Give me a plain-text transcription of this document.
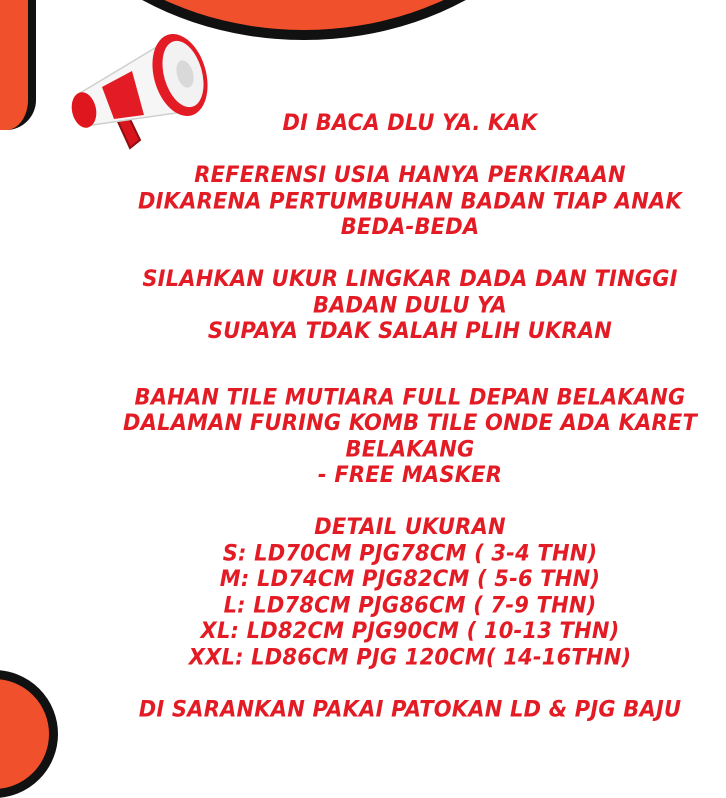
DI BACA DLU YA. KAK
REFERENSI USIA HANYA PERKIRAAN
DIKARENA PERTUMBUHAN BADAN TIAP ANAK
BEDA-BEDA
SILAHKAN UKUR LINGKAR DADA DAN TINGGI
BADAN DULU YA
SUPAYA TDAK SALAH PLIH UKRAN
BAHAN TILE MUTIARA FULL DEPAN BELAKANG
DALAMAN FURING KOMB TILE ONDE ADA KARET
BELAKANG
- FREE MASKER
DETAIL UKURAN
S: LD70CM PJG78CM ( 3-4 THN)
M: LD74CM PJG82CM ( 5-6 THN)
L: LD78CM PJG86CM ( 7-9 THN)
XL: LD82CM PJG90CM ( 10-13 THN)
XXL: LD86CM PJG 120CM( 14-16THN)
DI SARANKAN PAKAI PATOKAN LD & PJG BAJU
